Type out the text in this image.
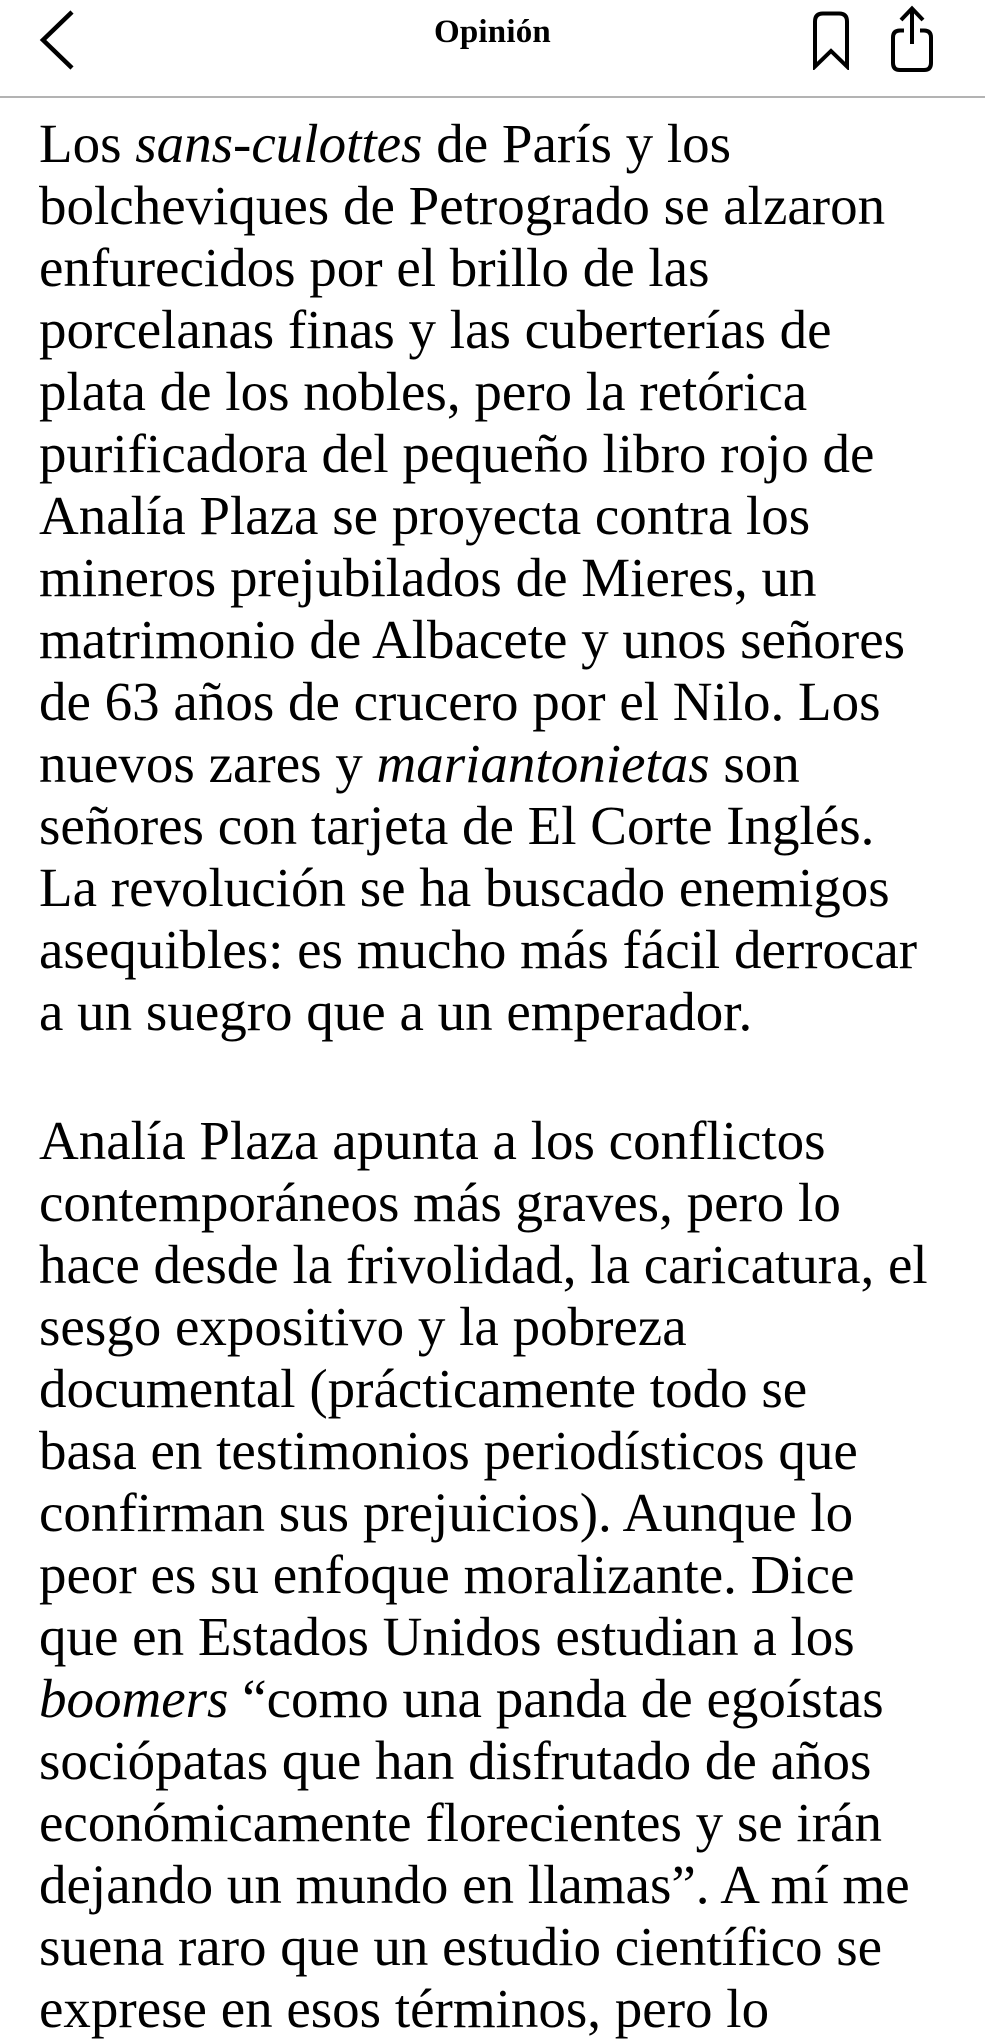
Opinión
Los sans-culottes de París y los
bolcheviques de Petrogrado se alzaron
enfurecidos por el brillo de las
porcelanas finas y las cuberterías de
plata de los nobles, pero la retórica
purificadora del pequeño libro rojo de
Analía Plaza se proyecta contra los
mineros prejubilados de Mieres, un
matrimonio de Albacete y unos señores
de 63 años de crucero por el Nilo. Los
nuevos zares y mariantonietas son
señores con tarjeta de El Corte Inglés.
La revolución se ha buscado enemigos
asequibles: es mucho más fácil derrocar
a un suegro que a un emperador.
Analía Plaza apunta a los conflictos
contemporáneos más graves, pero lo
hace desde la frivolidad, la caricatura, el
sesgo expositivo y la pobreza
documental (prácticamente todo se
basa en testimonios periodísticos que
confirman sus prejuicios). Aunque lo
peor es su enfoque moralizante. Dice
que en Estados Unidos estudian a los
boomers “como una panda de egoístas
sociópatas que han disfrutado de años
económicamente florecientes y se irán
dejando un mundo en llamas”. A mí me
suena raro que un estudio científico se
exprese en esos términos, pero lo
